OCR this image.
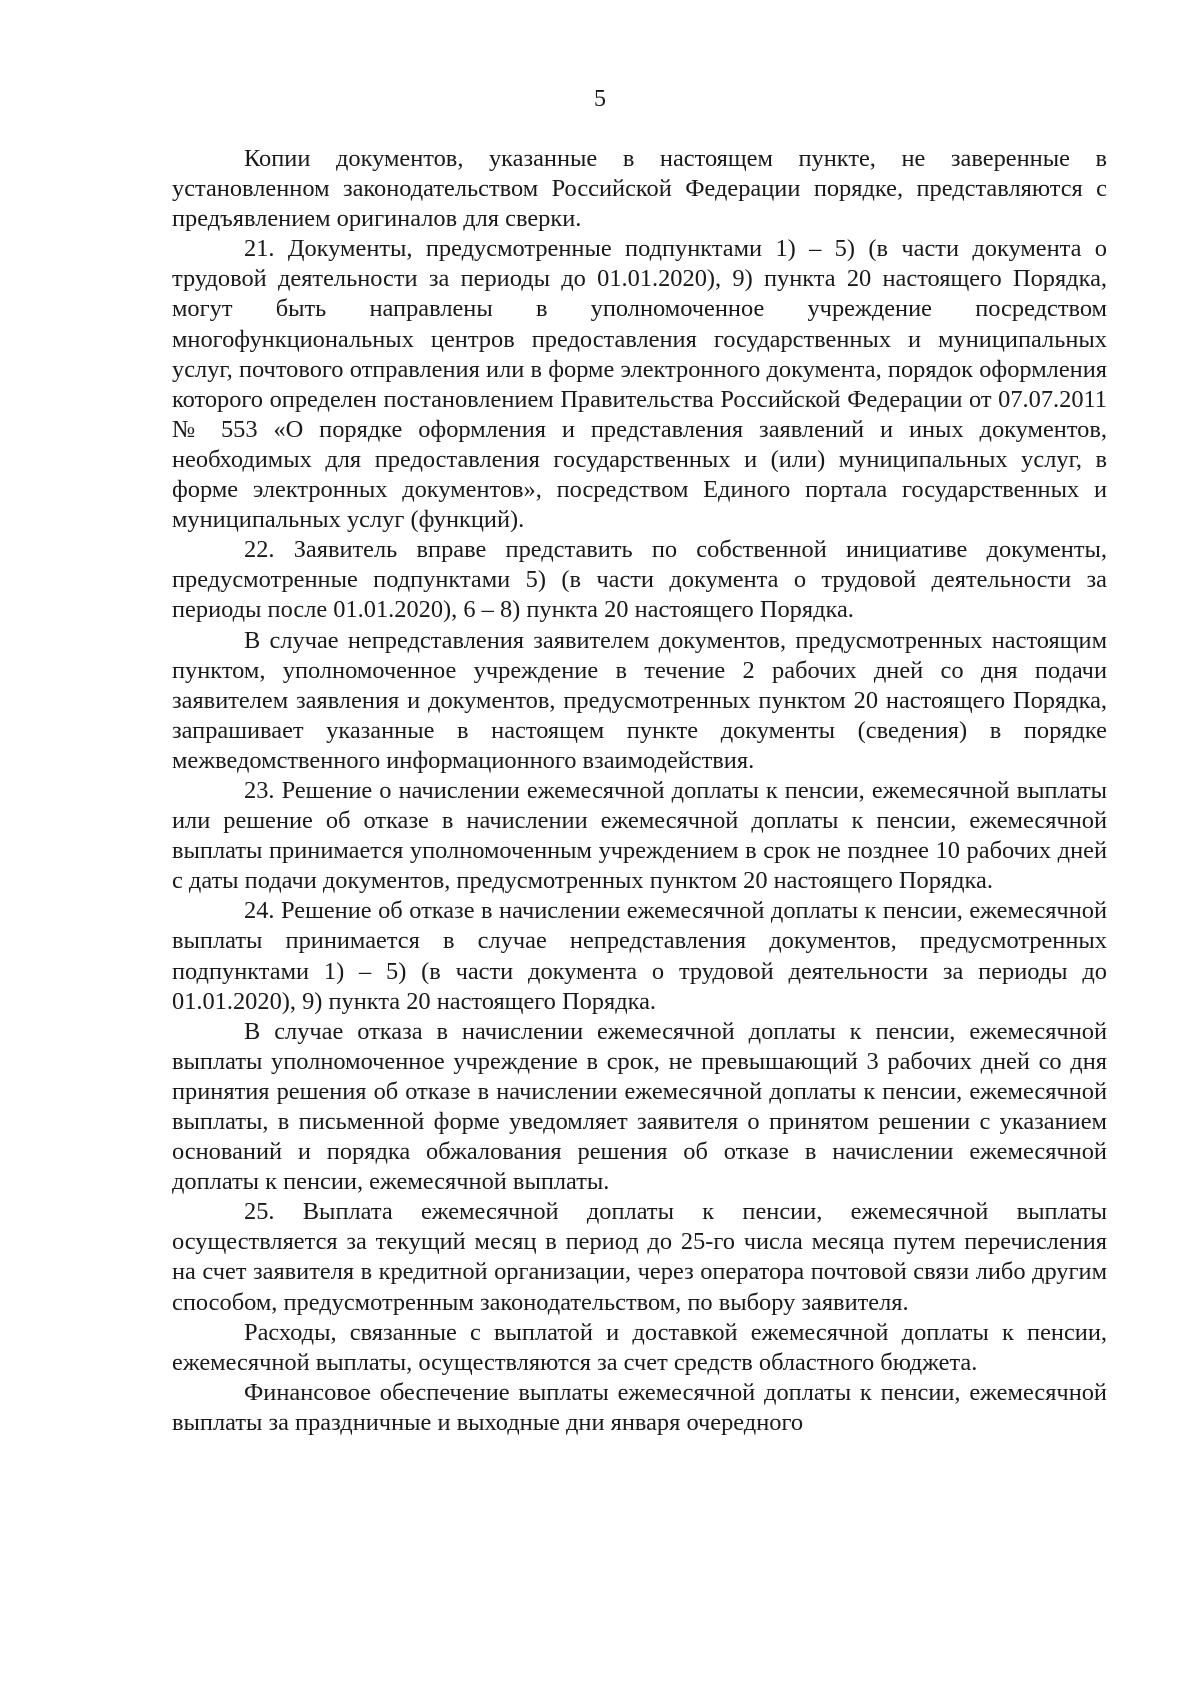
5

Копии документов, указанные в настоящем пункте, не заверенные в установленном законодательством Российской Федерации порядке, представляются с предъявлением оригиналов для сверки.

21. Документы, предусмотренные подпунктами 1) – 5) (в части документа о трудовой деятельности за периоды до 01.01.2020), 9) пункта 20 настоящего Порядка, могут быть направлены в уполномоченное учреждение посредством многофункциональных центров предоставления государственных и муниципальных услуг, почтового отправления или в форме электронного документа, порядок оформления которого определен постановлением Правительства Российской Федерации от 07.07.2011 № 553 «О порядке оформления и представления заявлений и иных документов, необходимых для предоставления государственных и (или) муниципальных услуг, в форме электронных документов», посредством Единого портала государственных и муниципальных услуг (функций).

22. Заявитель вправе представить по собственной инициативе документы, предусмотренные подпунктами 5) (в части документа о трудовой деятельности за периоды после 01.01.2020), 6 – 8) пункта 20 настоящего Порядка.

В случае непредставления заявителем документов, предусмотренных настоящим пунктом, уполномоченное учреждение в течение 2 рабочих дней со дня подачи заявителем заявления и документов, предусмотренных пунктом 20 настоящего Порядка, запрашивает указанные в настоящем пункте документы (сведения) в порядке межведомственного информационного взаимодействия.

23. Решение о начислении ежемесячной доплаты к пенсии, ежемесячной выплаты или решение об отказе в начислении ежемесячной доплаты к пенсии, ежемесячной выплаты принимается уполномоченным учреждением в срок не позднее 10 рабочих дней с даты подачи документов, предусмотренных пунктом 20 настоящего Порядка.

24. Решение об отказе в начислении ежемесячной доплаты к пенсии, ежемесячной выплаты принимается в случае непредставления документов, предусмотренных подпунктами 1) – 5) (в части документа о трудовой деятельности за периоды до 01.01.2020), 9) пункта 20 настоящего Порядка.

В случае отказа в начислении ежемесячной доплаты к пенсии, ежемесячной выплаты уполномоченное учреждение в срок, не превышающий 3 рабочих дней со дня принятия решения об отказе в начислении ежемесячной доплаты к пенсии, ежемесячной выплаты, в письменной форме уведомляет заявителя о принятом решении с указанием оснований и порядка обжалования решения об отказе в начислении ежемесячной доплаты к пенсии, ежемесячной выплаты.

25. Выплата ежемесячной доплаты к пенсии, ежемесячной выплаты осуществляется за текущий месяц в период до 25-го числа месяца путем перечисления на счет заявителя в кредитной организации, через оператора почтовой связи либо другим способом, предусмотренным законодательством, по выбору заявителя.

Расходы, связанные с выплатой и доставкой ежемесячной доплаты к пенсии, ежемесячной выплаты, осуществляются за счет средств областного бюджета.

Финансовое обеспечение выплаты ежемесячной доплаты к пенсии, ежемесячной выплаты за праздничные и выходные дни января очередного
